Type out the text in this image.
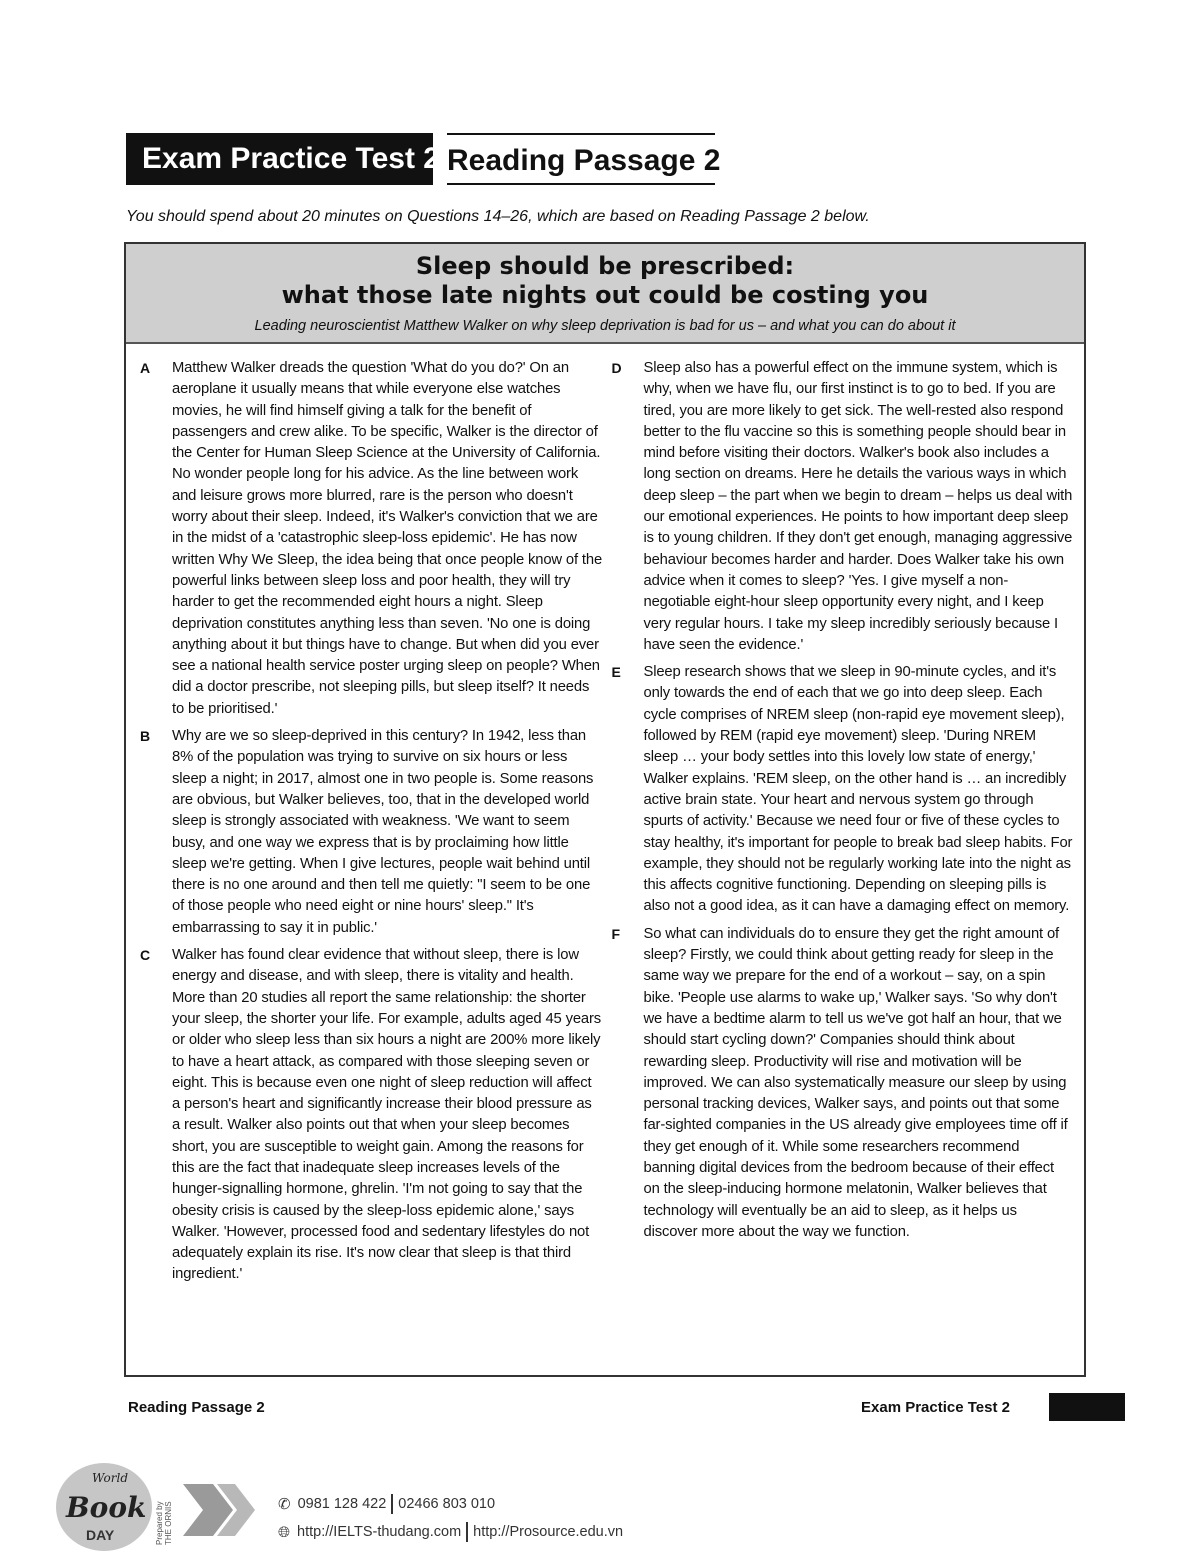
Exam Practice Test 2 Reading Passage 2
You should spend about 20 minutes on Questions 14–26, which are based on Reading Passage 2 below.
Sleep should be prescribed:
what those late nights out could be costing you
Leading neuroscientist Matthew Walker on why sleep deprivation is bad for us – and what you can do about it
A	Matthew Walker dreads the question 'What do you do?' On an aeroplane it usually means that while everyone else watches movies, he will find himself giving a talk for the benefit of passengers and crew alike. To be specific, Walker is the director of the Center for Human Sleep Science at the University of California. No wonder people long for his advice. As the line between work and leisure grows more blurred, rare is the person who doesn't worry about their sleep. Indeed, it's Walker's conviction that we are in the midst of a 'catastrophic sleep-loss epidemic'. He has now written Why We Sleep, the idea being that once people know of the powerful links between sleep loss and poor health, they will try harder to get the recommended eight hours a night. Sleep deprivation constitutes anything less than seven. 'No one is doing anything about it but things have to change. But when did you ever see a national health service poster urging sleep on people? When did a doctor prescribe, not sleeping pills, but sleep itself? It needs to be prioritised.'
B	Why are we so sleep-deprived in this century? In 1942, less than 8% of the population was trying to survive on six hours or less sleep a night; in 2017, almost one in two people is. Some reasons are obvious, but Walker believes, too, that in the developed world sleep is strongly associated with weakness. 'We want to seem busy, and one way we express that is by proclaiming how little sleep we're getting. When I give lectures, people wait behind until there is no one around and then tell me quietly: "I seem to be one of those people who need eight or nine hours' sleep." It's embarrassing to say it in public.'
C	Walker has found clear evidence that without sleep, there is low energy and disease, and with sleep, there is vitality and health. More than 20 studies all report the same relationship: the shorter your sleep, the shorter your life. For example, adults aged 45 years or older who sleep less than six hours a night are 200% more likely to have a heart attack, as compared with those sleeping seven or eight. This is because even one night of sleep reduction will affect a person's heart and significantly increase their blood pressure as a result. Walker also points out that when your sleep becomes short, you are susceptible to weight gain. Among the reasons for this are the fact that inadequate sleep increases levels of the hunger-signalling hormone, ghrelin. 'I'm not going to say that the obesity crisis is caused by the sleep-loss epidemic alone,' says Walker. 'However, processed food and sedentary lifestyles do not adequately explain its rise. It's now clear that sleep is that third ingredient.'
D	Sleep also has a powerful effect on the immune system, which is why, when we have flu, our first instinct is to go to bed. If you are tired, you are more likely to get sick. The well-rested also respond better to the flu vaccine so this is something people should bear in mind before visiting their doctors. Walker's book also includes a long section on dreams. Here he details the various ways in which deep sleep – the part when we begin to dream – helps us deal with our emotional experiences. He points to how important deep sleep is to young children. If they don't get enough, managing aggressive behaviour becomes harder and harder. Does Walker take his own advice when it comes to sleep? 'Yes. I give myself a non-negotiable eight-hour sleep opportunity every night, and I keep very regular hours. I take my sleep incredibly seriously because I have seen the evidence.'
E	Sleep research shows that we sleep in 90-minute cycles, and it's only towards the end of each that we go into deep sleep. Each cycle comprises of NREM sleep (non-rapid eye movement sleep), followed by REM (rapid eye movement) sleep. 'During NREM sleep … your body settles into this lovely low state of energy,' Walker explains. 'REM sleep, on the other hand is … an incredibly active brain state. Your heart and nervous system go through spurts of activity.' Because we need four or five of these cycles to stay healthy, it's important for people to break bad sleep habits. For example, they should not be regularly working late into the night as this affects cognitive functioning. Depending on sleeping pills is also not a good idea, as it can have a damaging effect on memory.
F	So what can individuals do to ensure they get the right amount of sleep? Firstly, we could think about getting ready for sleep in the same way we prepare for the end of a workout – say, on a spin bike. 'People use alarms to wake up,' Walker says. 'So why don't we have a bedtime alarm to tell us we've got half an hour, that we should start cycling down?' Companies should think about rewarding sleep. Productivity will rise and motivation will be improved. We can also systematically measure our sleep by using personal tracking devices, Walker says, and points out that some far-sighted companies in the US already give employees time off if they get enough of it. While some researchers recommend banning digital devices from the bedroom because of their effect on the sleep-inducing hormone melatonin, Walker believes that technology will eventually be an aid to sleep, as it helps us discover more about the way we function.
Reading Passage 2	Exam Practice Test 2
World
Book
DAY	Prepared by THE ORNIS	✆ 0981 128 422 02466 803 010
🌐︎ http://IELTS-thudang.com http://Prosource.edu.vn
